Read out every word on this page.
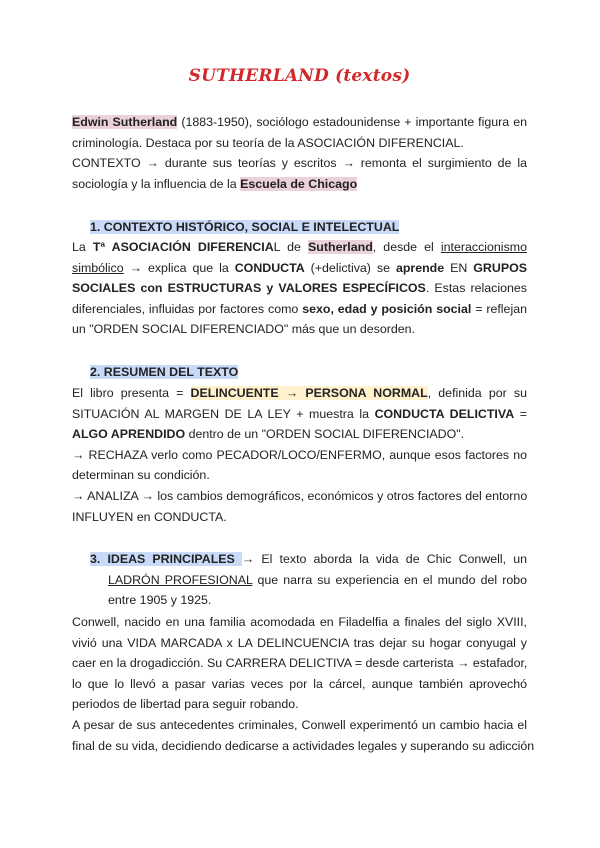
SUTHERLAND (textos)
Edwin Sutherland (1883-1950), sociólogo estadounidense + importante figura en
criminología. Destaca por su teoría de la ASOCIACIÓN DIFERENCIAL.
CONTEXTO → durante sus teorías y escritos → remonta el surgimiento de la
sociología y la influencia de la Escuela de Chicago
1. CONTEXTO HISTÓRICO, SOCIAL E INTELECTUAL
La Tª ASOCIACIÓN DIFERENCIAL de Sutherland, desde el interaccionismo
simbólico → explica que la CONDUCTA (+delictiva) se aprende EN GRUPOS
SOCIALES con ESTRUCTURAS y VALORES ESPECÍFICOS. Estas relaciones
diferenciales, influidas por factores como sexo, edad y posición social = reflejan
un "ORDEN SOCIAL DIFERENCIADO" más que un desorden.
2. RESUMEN DEL TEXTO
El libro presenta = DELINCUENTE → PERSONA NORMAL, definida por su
SITUACIÓN AL MARGEN DE LA LEY + muestra la CONDUCTA DELICTIVA =
ALGO APRENDIDO dentro de un "ORDEN SOCIAL DIFERENCIADO".
→ RECHAZA verlo como PECADOR/LOCO/ENFERMO, aunque esos factores no
determinan su condición.
→ ANALIZA → los cambios demográficos, económicos y otros factores del entorno
INFLUYEN en CONDUCTA.
3. IDEAS PRINCIPALES → El texto aborda la vida de Chic Conwell, un
LADRÓN PROFESIONAL que narra su experiencia en el mundo del robo
entre 1905 y 1925.
Conwell, nacido en una familia acomodada en Filadelfia a finales del siglo XVIII,
vivió una VIDA MARCADA x LA DELINCUENCIA tras dejar su hogar conyugal y
caer en la drogadicción. Su CARRERA DELICTIVA = desde carterista → estafador,
lo que lo llevó a pasar varias veces por la cárcel, aunque también aprovechó
periodos de libertad para seguir robando.
A pesar de sus antecedentes criminales, Conwell experimentó un cambio hacia el
final de su vida, decidiendo dedicarse a actividades legales y superando su adicción
